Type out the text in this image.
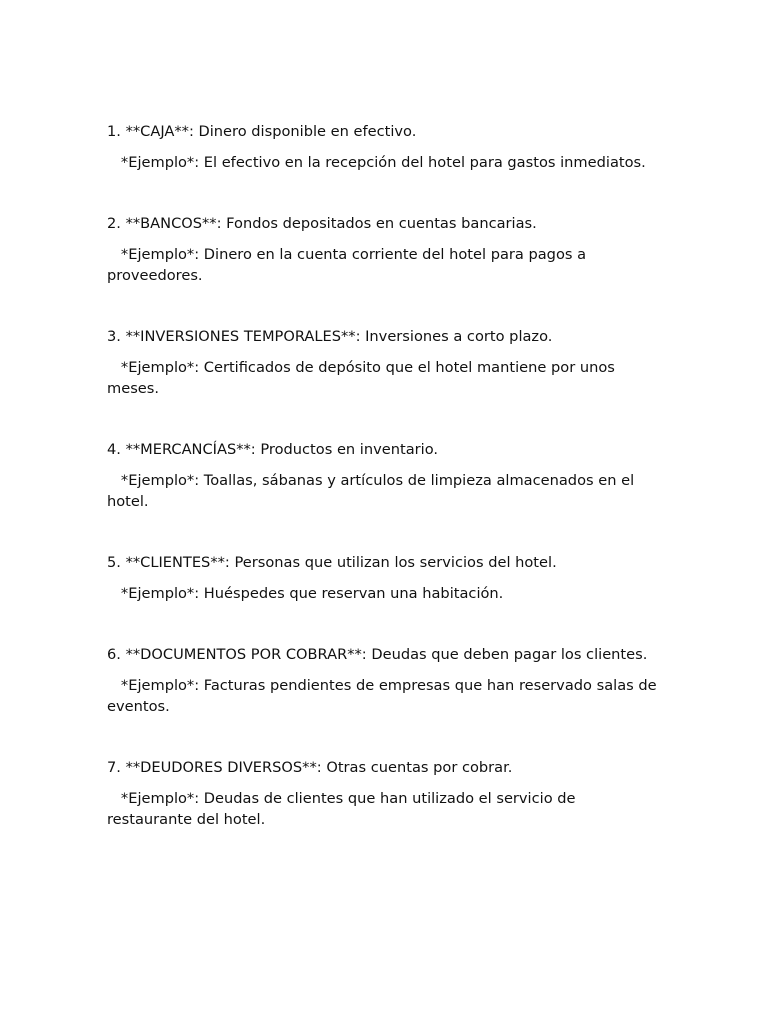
1. **CAJA**: Dinero disponible en efectivo.

*Ejemplo*: El efectivo en la recepción del hotel para gastos inmediatos.

2. **BANCOS**: Fondos depositados en cuentas bancarias.

*Ejemplo*: Dinero en la cuenta corriente del hotel para pagos a proveedores.

3. **INVERSIONES TEMPORALES**: Inversiones a corto plazo.

*Ejemplo*: Certificados de depósito que el hotel mantiene por unos meses.

4. **MERCANCÍAS**: Productos en inventario.

*Ejemplo*: Toallas, sábanas y artículos de limpieza almacenados en el hotel.

5. **CLIENTES**: Personas que utilizan los servicios del hotel.

*Ejemplo*: Huéspedes que reservan una habitación.

6. **DOCUMENTOS POR COBRAR**: Deudas que deben pagar los clientes.

*Ejemplo*: Facturas pendientes de empresas que han reservado salas de eventos.

7. **DEUDORES DIVERSOS**: Otras cuentas por cobrar.

*Ejemplo*: Deudas de clientes que han utilizado el servicio de restaurante del hotel.
